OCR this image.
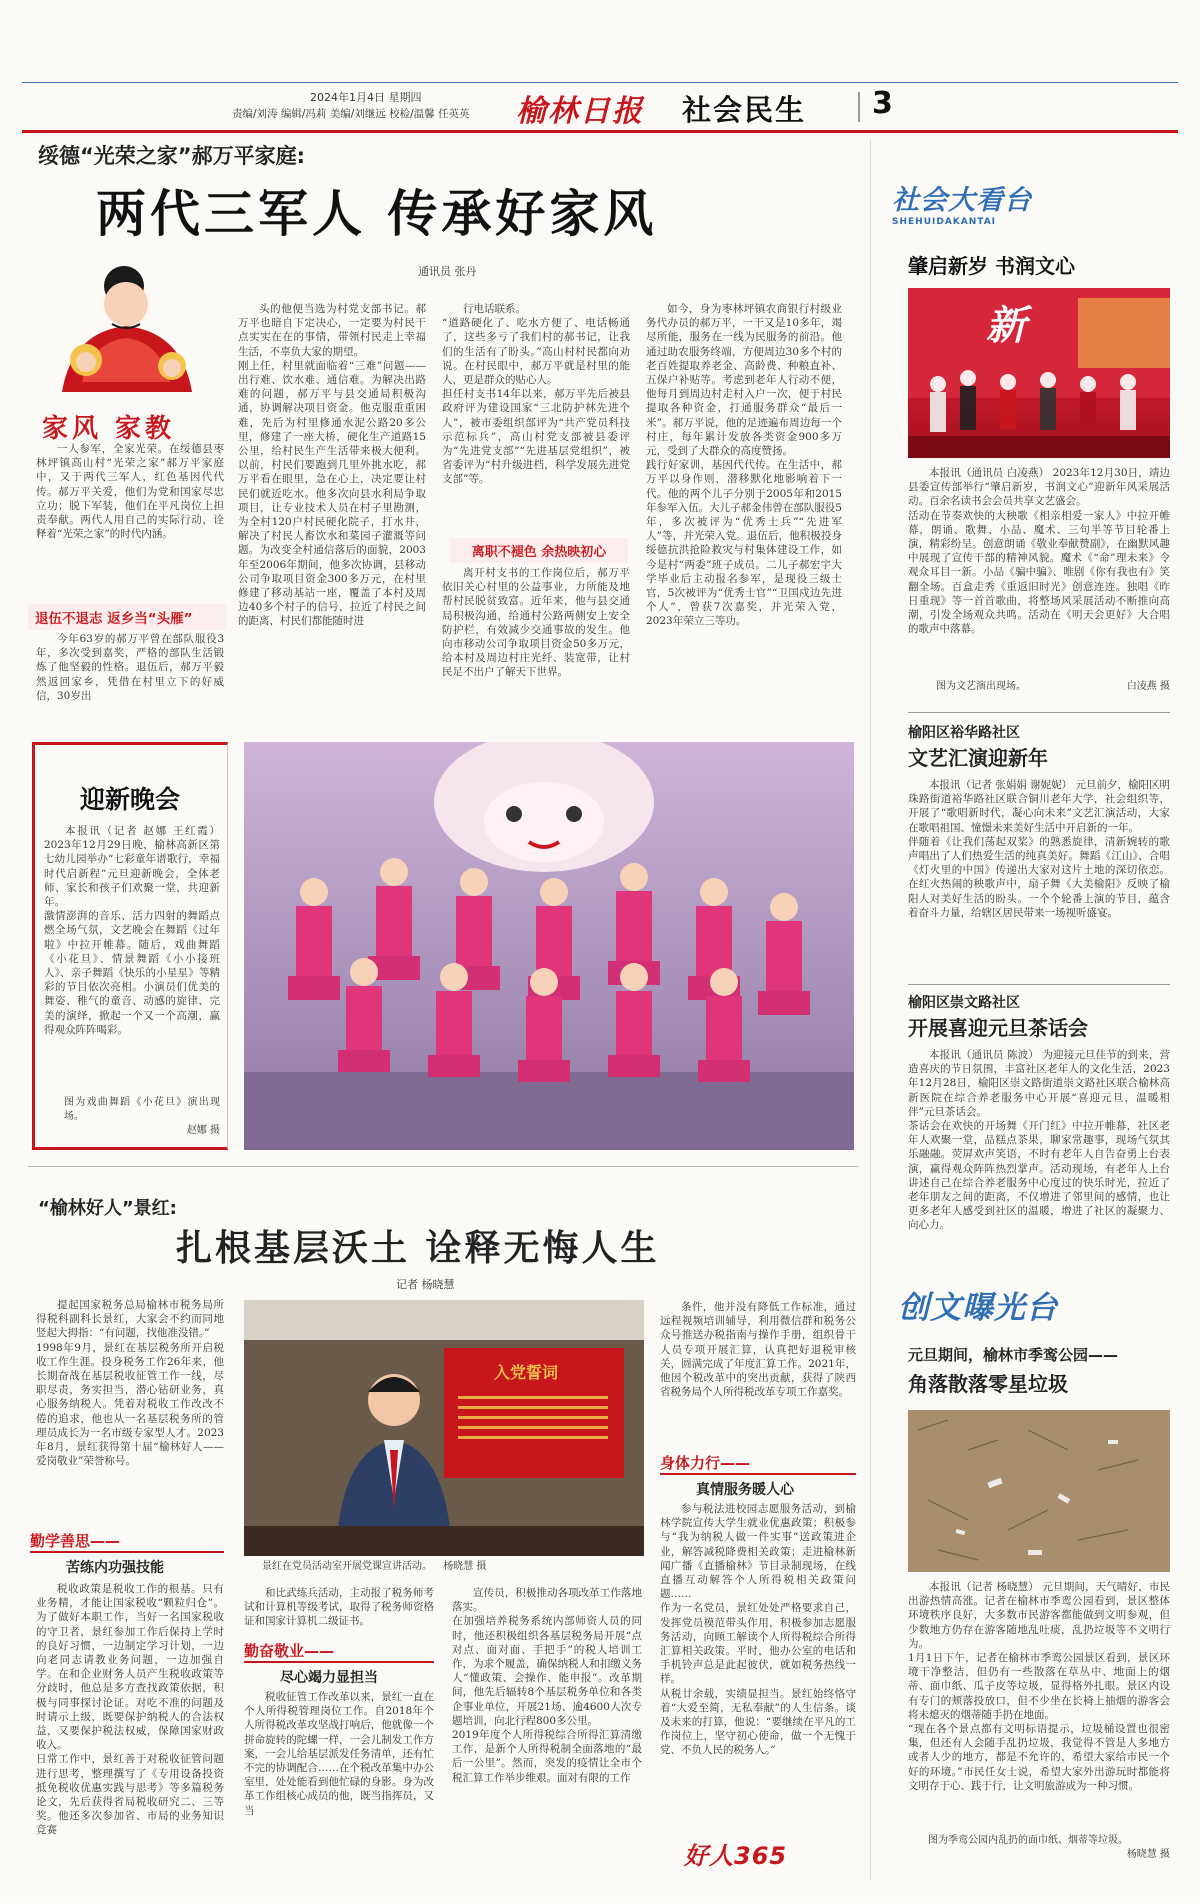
2024年1月4日 星期四
责编/刘涛 编辑/冯莉 美编/刘继远 校检/温馨 任英英 榆林日报 社会民生 3
绥德“光荣之家”郝万平家庭:
两代三军人 传承好家风
通讯员 张丹
家风 家教
一人参军，全家光荣。在绥德县枣林坪镇高山村“光荣之家”郝万平家庭中，又于两代三军人，红色基因代代传。郝万平关爱，他们为党和国家尽忠立功；脱下军装，他们在平凡岗位上担责奉献。两代人用自己的实际行动，诠释着“光荣之家”的时代内涵。
退伍不退志 返乡当“头雁”
今年63岁的郝万平曾在部队服役3年，多次受到嘉奖，严格的部队生活锻炼了他坚毅的性格。退伍后，郝万平毅然返回家乡，凭借在村里立下的好威信，30岁出
头的他便当选为村党支部书记。郝万平也暗自下定决心，一定要为村民干点实实在在的事情，带领村民走上幸福生活，不辜负大家的期望。
刚上任，村里就面临着“三难”问题——出行难、饮水难、通信难。为解决出路难的问题，郝万平与县交通局积极沟通，协调解决项目资金。他克服重重困难，先后为村里修通水泥公路20多公里，修建了一座大桥，硬化生产道路15公里，给村民生产生活带来极大便利。以前，村民们要跑到几里外挑水吃，郝万平看在眼里，急在心上，决定要让村民们就近吃水。他多次向县水利局争取项目，让专业技术人员在村子里勘测，为全村120户村民硬化院子，打水井，解决了村民人畜饮水和菜园子灌溉等问题。为改变全村通信落后的面貌，2003年至2006年期间，他多次协调，县移动公司争取项目资金300多万元，在村里修建了移动基站一座，覆盖了本村及周边40多个村子的信号，拉近了村民之间的距离，村民们都能随时进
行电话联系。
“道路硬化了、吃水方便了、电话畅通了，这些多亏了我们村的郝书记，让我们的生活有了盼头。”高山村村民都向劝说。在村民眼中，郝万平就是村里的能人，更是群众的贴心人。
担任村支书14年以来，郝万平先后被县政府评为建设国家“三北防护林先进个人”，被市委组织部评为“共产党员科技示范标兵”，高山村党支部被县委评为“先进党支部”“先进基层党组织”，被省委评为“村升级进档，科学发展先进党支部”等。
离职不褪色 余热映初心
离开村支书的工作岗位后，郝万平依旧关心村里的公益事业，力所能及地帮村民脱贫致富。近年来，他与县交通局积极沟通，给通村公路两侧安上安全防护栏，有效减少交通事故的发生。他向市移动公司争取项目资金50多万元，给本村及周边村庄光纤、装宽带，让村民足不出户了解天下世界。
如今，身为枣林坪镇农商银行村级业务代办员的郝万平，一干又是10多年，竭尽所能，服务在一线为民服务的前沿。他通过助农服务终端，方便周边30多个村的老百姓提取养老金、高龄费、种粮直补、五保户补贴等。考虑到老年人行动不便，他每月到周边村走村入户一次，便于村民提取各种资金，打通服务群众“最后一米”。郝万平说，他的足迹遍布周边每一个村庄，每年累计发放各类资金900多万元，受到了大群众的高度赞扬。
践行好家训，基因代代传。在生活中，郝万平以身作则，潜移默化地影响着下一代。他的两个儿子分别于2005年和2015年参军入伍。大儿子郝金伟曾在部队服役5年，多次被评为“优秀士兵”“先进军人”等，并光荣入党。退伍后，他积极投身绥德抗洪抢险救灾与村集体建设工作，如今是村“两委”班子成员。二儿子郝宏宇大学毕业后主动报名参军，是现役三级士官，5次被评为“优秀士官”“卫国戍边先进个人”，曾获7次嘉奖，并光荣入党，2023年荣立三等功。
社会大看台
SHEHUIDAKANTAI
肇启新岁 书润文心
新
本报讯（通讯员 白凌燕） 2023年12月30日，靖边县委宣传部举行“肇启新岁，书润文心”迎新年风采展活动。百余名读书会会员共享文艺盛会。
活动在节奏欢快的大秧歌《相亲相爱一家人》中拉开帷幕，朗诵、歌舞、小品、魔术、三句半等节目轮番上演，精彩纷呈。创意朗诵《敬业奉献赞副》，在幽默风趣中展现了宣传干部的精神风貌。魔术《“命”理未来》令观众耳目一新。小品《骗中骗》、唯剧《你有我也有》笑翻全场。百盒走秀《重返旧时光》创意连连。独唱《昨日重现》等一首首歌曲，将整场风采展活动不断推向高潮，引发全场观众共鸣。活动在《明天会更好》大合唱的歌声中落幕。
图为文艺演出现场。	白凌燕 摄
榆阳区裕华路社区
文艺汇演迎新年
本报讯（记者 张娟娟 谢妮妮） 元旦前夕，榆阳区明珠路街道裕华路社区联合铜川老年大学，社会组织等，开展了“歌唱新时代，凝心向未来”文艺汇演活动，大家在歌唱祖国、憧憬未来美好生活中开启新的一年。
伴随着《让我们荡起双桨》的熟悉旋律，清新婉转的歌声唱出了人们热爱生活的纯真美好。舞蹈《江山》、合唱《灯火里的中国》传递出大家对这片土地的深切依恋。在红火热闹的秧歌声中，扇子舞《大美榆阳》反映了榆阳人对美好生活的盼头。一个个轮番上演的节目，蕴含着奋斗力量，给辖区居民带来一场视听盛宴。
榆阳区崇文路社区
开展喜迎元旦茶话会
本报讯（通讯员 陈波） 为迎接元旦佳节的到来，营造喜庆的节日氛围，丰富社区老年人的文化生活，2023年12月28日，榆阳区崇文路街道崇文路社区联合榆林高新医院在综合养老服务中心开展“喜迎元旦，温暖相伴”元旦茶话会。
茶话会在欢快的开场舞《开门红》中拉开帷幕，社区老年人欢聚一堂，品糕点茶果，聊家常趣事，现场气氛其乐融融。荧屏欢声笑语，不时有老年人自告奋勇上台表演，赢得观众阵阵热烈掌声。活动现场，有老年人上台讲述自己在综合养老服务中心度过的快乐时光，拉近了老年朋友之间的距离，不仅增进了邻里间的感情，也让更多老年人感受到社区的温暖，增进了社区的凝聚力、向心力。
创文曝光台
元旦期间，榆林市季鸾公园——
角落散落零星垃圾
本报讯（记者 杨晓慧） 元旦期间，天气晴好，市民出游热情高涨。记者在榆林市季鸾公园看到，景区整体环境秩序良好，大多数市民游客都能做到文明参观，但少数地方仍存在游客随地乱吐痰，乱扔垃圾等不文明行为。
1月1日下午，记者在榆林市季鸾公园景区看到，景区环境干净整洁，但仍有一些散落在草丛中、地面上的烟蒂、面巾纸、瓜子皮等垃圾，显得格外扎眼。景区内设有专门的颊落投放口，但不少坐在长椅上抽烟的游客会将未熄灭的烟蒂随手扔在地面。
“现在各个景点都有文明标语提示，垃圾桶设置也很密集，但还有人会随手乱扔垃圾，我觉得不管是人多地方或者人少的地方，都是不允许的，希望大家给市民一个好的环境。”市民任女士说，希望大家外出游玩时都能将文明存于心、践于行，让文明旅游成为一种习惯。
图为季鸾公园内乱扔的面巾纸、烟蒂等垃圾。
杨晓慧 摄
迎新晚会
本报讯（记者 赵娜 王红霞） 2023年12月29日晚，榆林高新区第七幼儿园举办“七彩童年谱歌行，幸福时代启新程”元旦迎新晚会，全体老师、家长和孩子们欢聚一堂，共迎新年。
激情澎湃的音乐、活力四射的舞蹈点燃全场气氛，文艺晚会在舞蹈《过年啦》中拉开帷幕。随后，戏曲舞蹈《小花旦》、情景舞蹈《小小接班人》、亲子舞蹈《快乐的小星星》等精彩的节目依次亮相。小演员们优美的舞姿、稚气的童音、动感的旋律、完美的演绎，掀起一个又一个高潮，赢得观众阵阵喝彩。
图为戏曲舞蹈《小花旦》演出现场。
赵娜 摄
“榆林好人”景红:
扎根基层沃土 诠释无悔人生
记者 杨晓慧
提起国家税务总局榆林市税务局所得税科副科长景红，大家会不约而同地竖起大拇指：“有问题，找他准没错。”
1998年9月，景红在基层税务所开启税收工作生涯。投身税务工作26年来，他长期奋战在基层税收征管工作一线，尽职尽责，务实担当，潜心钻研业务，真心服务纳税人。凭着对税收工作改改不倦的追求，他也从一名基层税务所的管理员成长为一名市级专家型人才。2023年8月，景红获得第十届“榆林好人——爱岗敬业”荣誉称号。
勤学善思——
苦练内功强技能
税收政策是税收工作的根基。只有业务精，才能让国家税收“颗粒归仓”。为了做好本职工作，当好一名国家税收的守卫者，景红参加工作后保持上学时的良好习惯，一边制定学习计划，一边向老同志请教业务问题，一边加强自学。在和企业财务人员产生税收政策等分歧时，他总是多方查找政策依据，积极与同事探讨论证。对吃不准的问题及时请示上级，既要保护纳税人的合法权益，又要保护税法权威，保障国家财政收入。
日常工作中，景红善于对税收征管问题进行思考，整理撰写了《专用设备投资抵免税收优惠实践与思考》等多篇税务论文，先后获得省局税收研究二、三等奖。他还多次参加省、市局的业务知识竞赛
入党誓词
景红在党员活动室开展党课宣讲活动。 杨晓慧 摄
和比武练兵活动，主动报了税务师考试和计算机等级考试，取得了税务师资格证和国家计算机二级证书。
勤奋敬业——
尽心竭力显担当
税收征管工作改革以来，景红一直在个人所得税管理岗位工作。自2018年个人所得税改革攻坚战打响后，他就像一个拼命旋转的陀螺一样，一会儿制发工作方案，一会儿给基层派发任务清单，还有忙不完的协调配合……在个税改革集中办公室里，处处能看到他忙碌的身影。身为改革工作组核心成员的他，既当指挥员，又当
宣传员，积极推动各项改革工作落地落实。
在加强培养税务系统内部师资人员的同时，他还积极组织各基层税务局开展“点对点、面对面、手把手”的税人培训工作，为求个履盖，确保纳税人和扣缴义务人“懂政策、会操作、能申报”。改革期间，他先后辐转8个基层税务单位和各类企事业单位，开展21场、逾4600人次专题培训，向北行程800多公里。
2019年度个人所得税综合所得汇算清缴工作，是新个人所得税制全面落地的“最后一公里”。然而，突发的疫情让全市个税汇算工作举步维艰。面对有限的工作
条件，他并没有降低工作标准，通过远程视频培训辅导，利用微信群和税务公众号推送办税指南与操作手册，组织骨干人员专项开展汇算，认真把好退税审核关，圆满完成了年度汇算工作。2021年，他因个税改革中的突出贡献，获得了陕西省税务局个人所得税改革专项工作嘉奖。
身体力行——
真情服务暖人心
参与税法进校园志愿服务活动，到榆林学院宣传大学生就业优惠政策；积极参与“我为纳税人做一件实事”送政策进企业，解答减税降费相关政策；走进榆林新闻广播《直播榆林》节目录制现场，在线直播互动解答个人所得税相关政策问题……
作为一名党员，景红处处严格要求自己，发挥党员模范带头作用，积极参加志愿服务活动，向顾工解读个人所得税综合所得汇算相关政策。平时，他办公室的电话和手机铃声总是此起彼伏，就如税务热线一样。
从税廿余载，实绩显担当。景红始终恪守着“大爱至简，无私奉献”的人生信条。谈及未来的打算，他说：“要继续在平凡的工作岗位上，坚守初心使命，做一个无愧于党、不负人民的税务人。”
好人365
